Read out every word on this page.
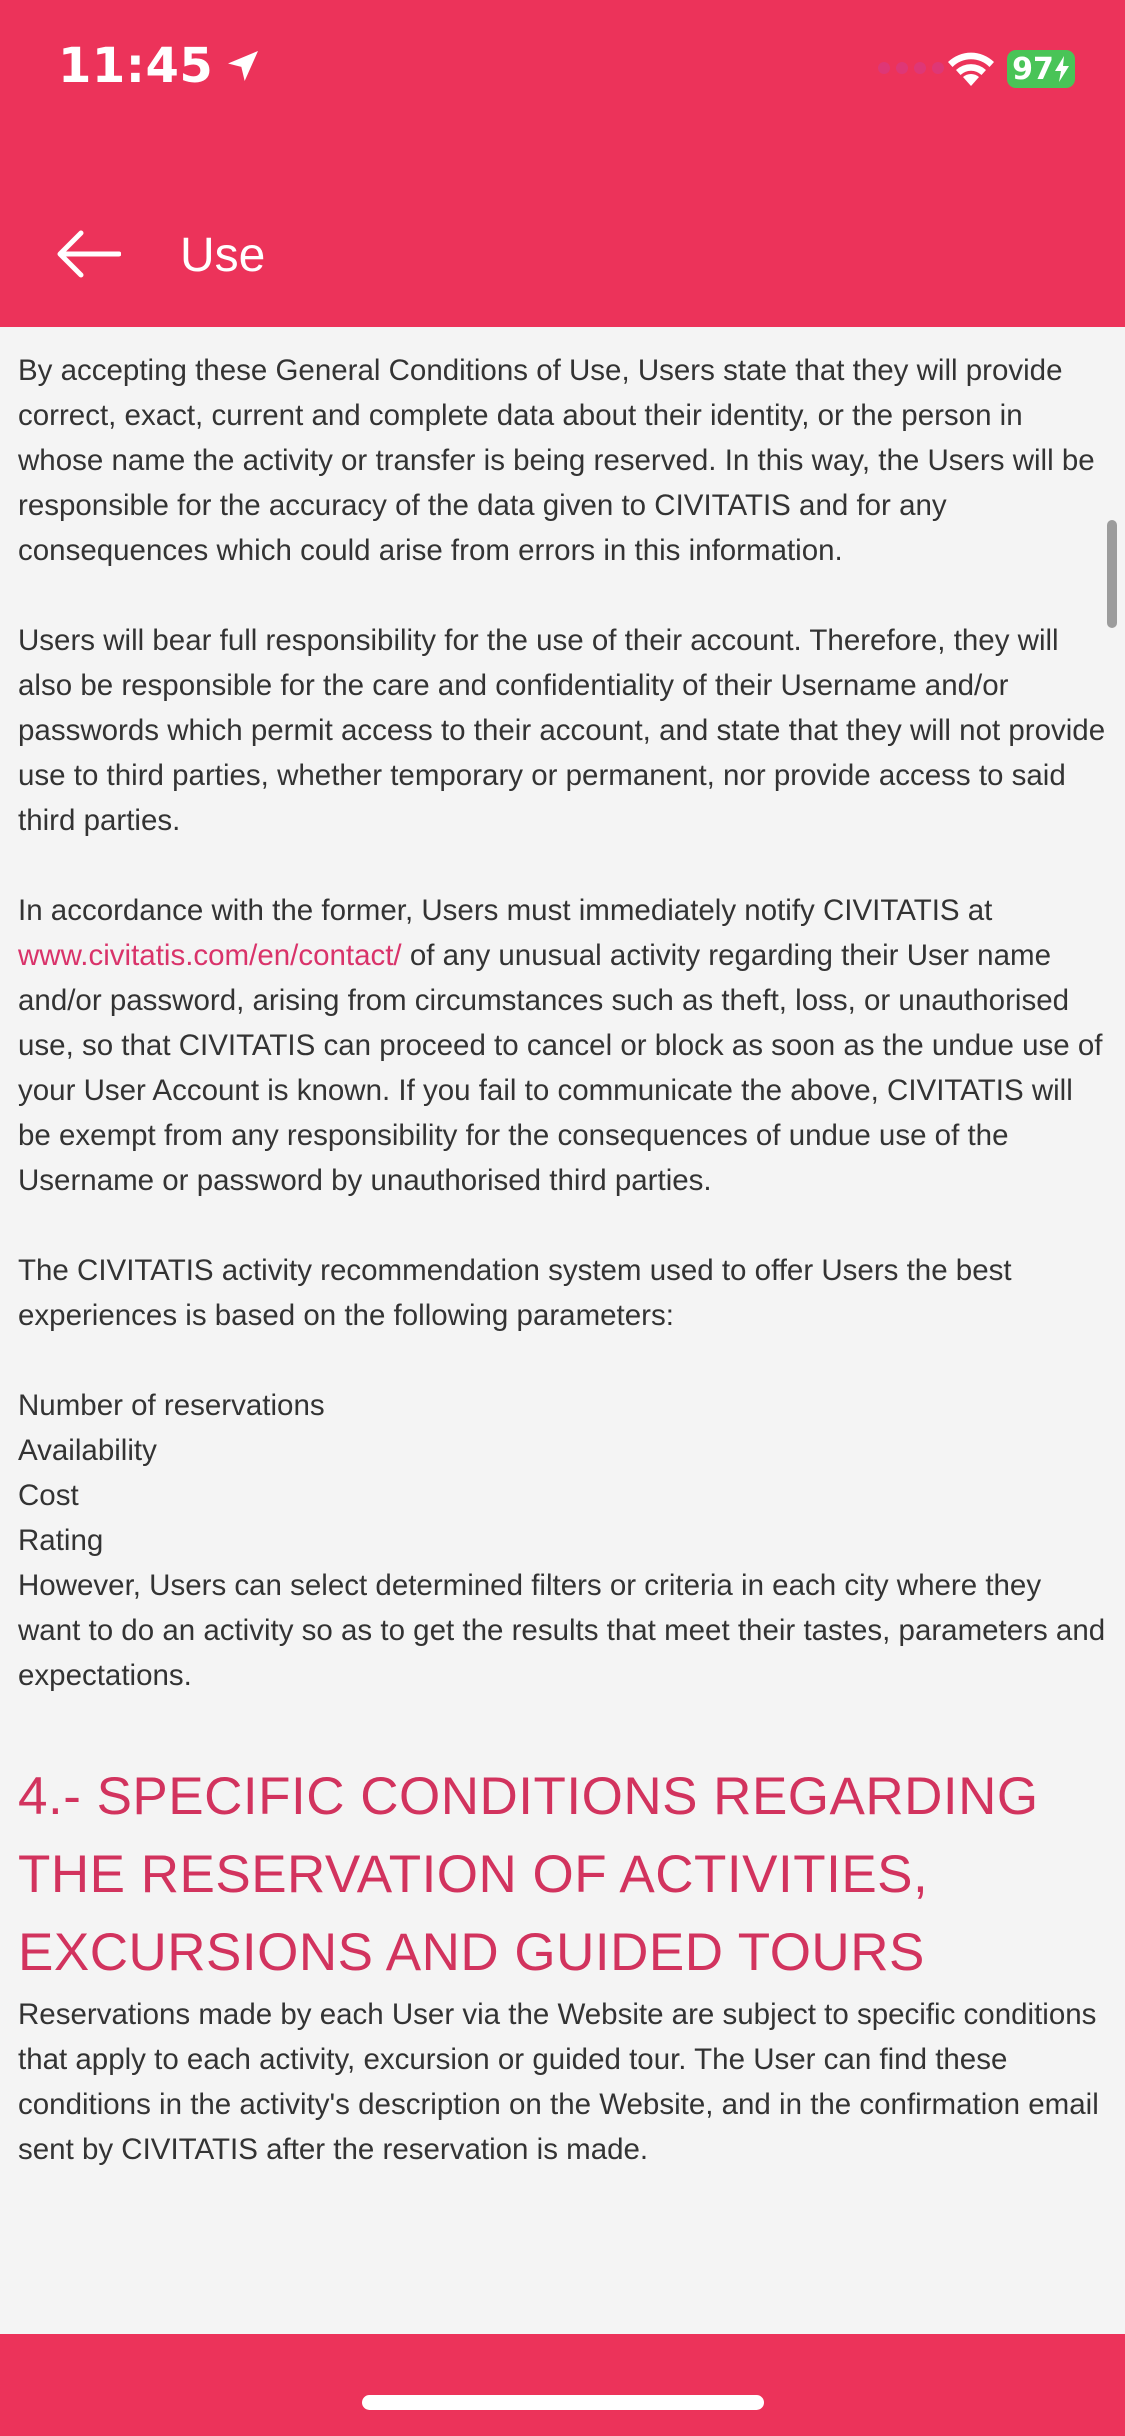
11:45	97
Use

By accepting these General Conditions of Use, Users state that they will provide correct, exact, current and complete data about their identity, or the person in whose name the activity or transfer is being reserved. In this way, the Users will be responsible for the accuracy of the data given to CIVITATIS and for any consequences which could arise from errors in this information.

Users will bear full responsibility for the use of their account. Therefore, they will also be responsible for the care and confidentiality of their Username and/or passwords which permit access to their account, and state that they will not provide use to third parties, whether temporary or permanent, nor provide access to said third parties.

In accordance with the former, Users must immediately notify CIVITATIS at www.civitatis.com/en/contact/ of any unusual activity regarding their User name and/or password, arising from circumstances such as theft, loss, or unauthorised use, so that CIVITATIS can proceed to cancel or block as soon as the undue use of your User Account is known. If you fail to communicate the above, CIVITATIS will be exempt from any responsibility for the consequences of undue use of the Username or password by unauthorised third parties.

The CIVITATIS activity recommendation system used to offer Users the best experiences is based on the following parameters:

Number of reservations
Availability
Cost
Rating

However, Users can select determined filters or criteria in each city where they want to do an activity so as to get the results that meet their tastes, parameters and expectations.

4.- SPECIFIC CONDITIONS REGARDING THE RESERVATION OF ACTIVITIES, EXCURSIONS AND GUIDED TOURS

Reservations made by each User via the Website are subject to specific conditions that apply to each activity, excursion or guided tour. The User can find these conditions in the activity's description on the Website, and in the confirmation email sent by CIVITATIS after the reservation is made.
